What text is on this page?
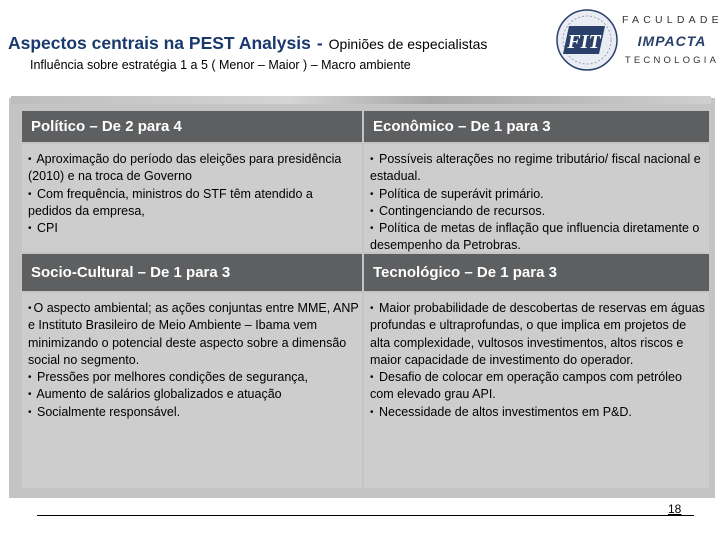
Aspectos centrais na PEST Analysis - Opiniões de especialistas
Influência sobre estratégia 1 a 5 ( Menor – Maior ) – Macro ambiente
FIT
FACULDADE
IMPACTA
TECNOLOGIA
Político – De 2 para 4	Econômico – De 1 para 3
• Aproximação do período das eleições para presidência (2010) e na troca de Governo
• Com frequência, ministros do STF têm atendido a pedidos da empresa,
• CPI
• Possíveis alterações no regime tributário/ fiscal nacional e estadual.
• Política de superávit primário.
• Contingenciando de recursos.
• Política de metas de inflação que influencia diretamente o desempenho da Petrobras.
Socio-Cultural – De 1 para 3	Tecnológico – De 1 para 3
• O aspecto ambiental; as ações conjuntas entre MME, ANP e Instituto Brasileiro de Meio Ambiente – Ibama vem minimizando o potencial deste aspecto sobre a dimensão social no segmento.
• Pressões por melhores condições de segurança,
• Aumento de salários globalizados e atuação
• Socialmente responsável.
• Maior probabilidade de descobertas de reservas em águas profundas e ultraprofundas, o que implica em projetos de alta complexidade, vultosos investimentos, altos riscos e maior capacidade de investimento do operador.
• Desafio de colocar em operação campos com petróleo com elevado grau API.
• Necessidade de altos investimentos em P&D.
18
